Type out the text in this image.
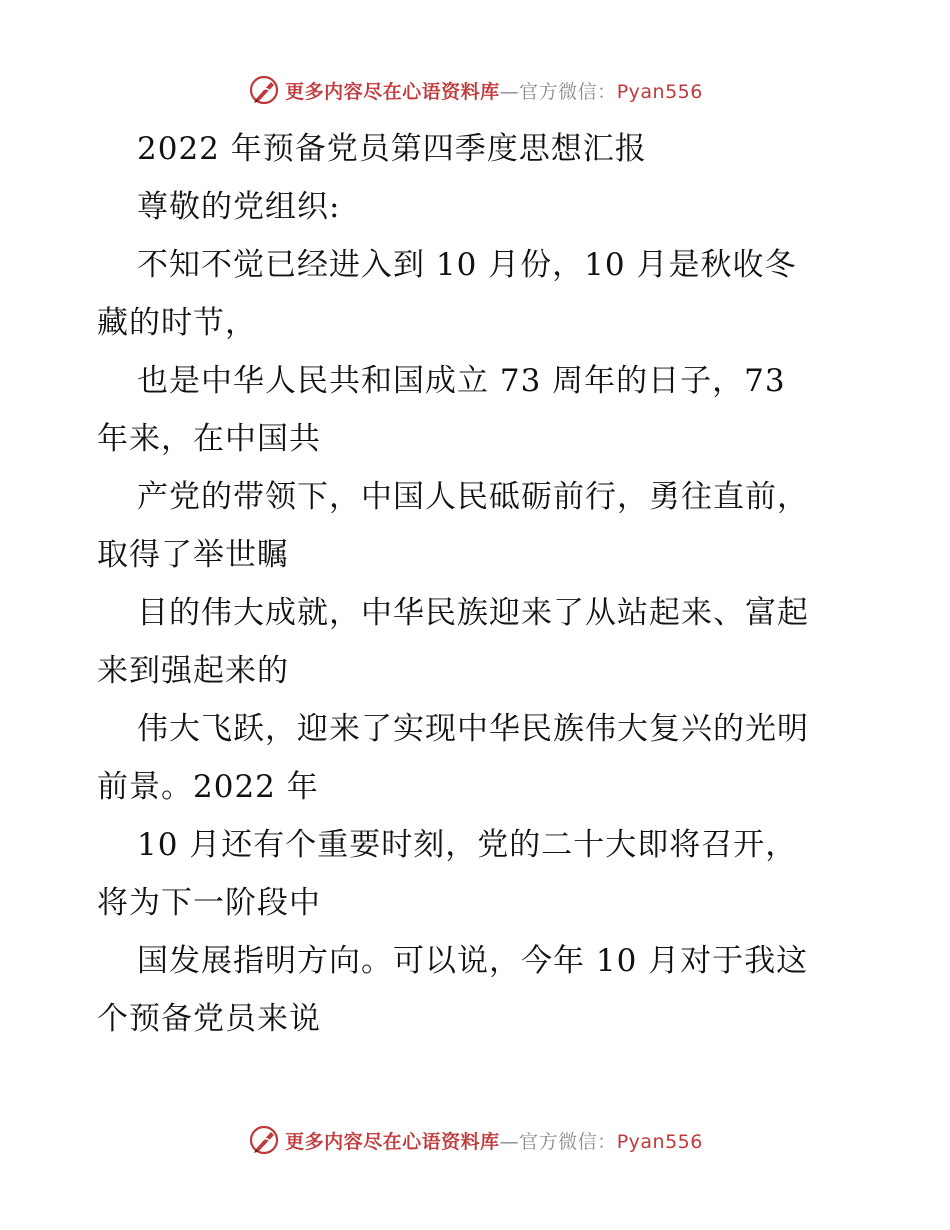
更多内容尽在心语资料库—官方微信：Pyan556
2022 年预备党员第四季度思想汇报
尊敬的党组织:
不知不觉已经进入到 10 月份，10 月是秋收冬
藏的时节，
也是中华人民共和国成立 73 周年的日子，73
年来，在中国共
产党的带领下，中国人民砥砺前行，勇往直前，
取得了举世瞩
目的伟大成就，中华民族迎来了从站起来、富起
来到强起来的
伟大飞跃，迎来了实现中华民族伟大复兴的光明
前景。2022 年
10 月还有个重要时刻，党的二十大即将召开，
将为下一阶段中
国发展指明方向。可以说，今年 10 月对于我这
个预备党员来说
更多内容尽在心语资料库—官方微信：Pyan556
